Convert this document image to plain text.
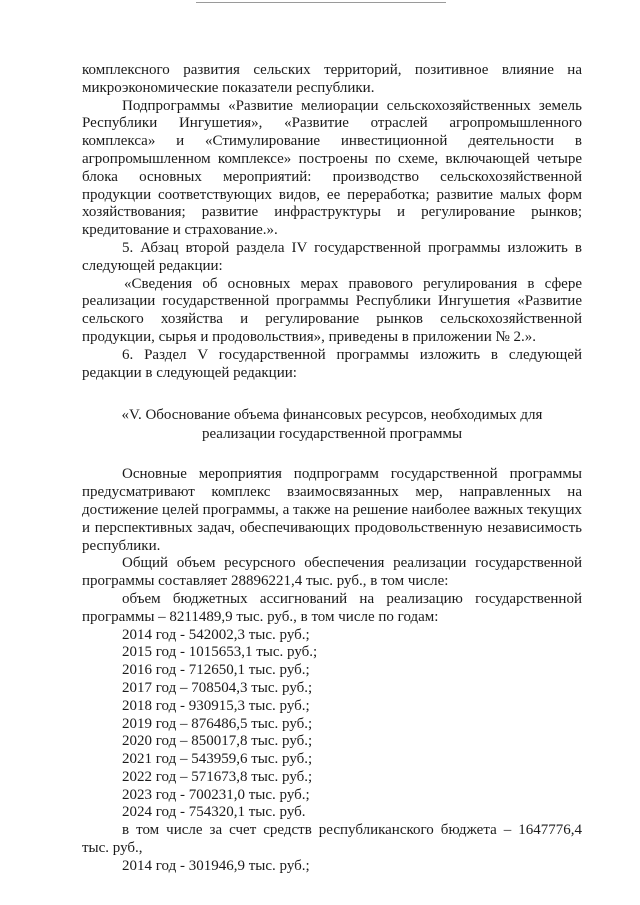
комплексного развития сельских территорий, позитивное влияние на микроэкономические показатели республики.

Подпрограммы «Развитие мелиорации сельскохозяйственных земель Республики Ингушетия», «Развитие отраслей агропромышленного комплекса» и «Стимулирование инвестиционной деятельности в агропромышленном комплексе» построены по схеме, включающей четыре блока основных мероприятий: производство сельскохозяйственной продукции соответствующих видов, ее переработка; развитие малых форм хозяйствования; развитие инфраструктуры и регулирование рынков; кредитование и страхование.».

5. Абзац второй раздела IV государственной программы изложить в следующей редакции:

«Сведения об основных мерах правового регулирования в сфере реализации государственной программы Республики Ингушетия «Развитие сельского хозяйства и регулирование рынков сельскохозяйственной продукции, сырья и продовольствия», приведены в приложении № 2.».

6. Раздел V государственной программы изложить в следующей редакции в следующей редакции:

«V. Обоснование объема финансовых ресурсов, необходимых для реализации государственной программы

Основные мероприятия подпрограмм государственной программы предусматривают комплекс взаимосвязанных мер, направленных на достижение целей программы, а также на решение наиболее важных текущих и перспективных задач, обеспечивающих продовольственную независимость республики.

Общий объем ресурсного обеспечения реализации государственной программы составляет 28896221,4 тыс. руб., в том числе:

объем бюджетных ассигнований на реализацию государственной программы – 8211489,9 тыс. руб., в том числе по годам:

2014 год - 542002,3 тыс. руб.;

2015 год - 1015653,1 тыс. руб.;

2016 год - 712650,1 тыс. руб.;

2017 год – 708504,3 тыс. руб.;

2018 год - 930915,3 тыс. руб.;

2019 год – 876486,5 тыс. руб.;

2020 год – 850017,8 тыс. руб.;

2021 год – 543959,6 тыс. руб.;

2022 год – 571673,8 тыс. руб.;

2023 год - 700231,0 тыс. руб.;

2024 год - 754320,1 тыс. руб.

в том числе за счет средств республиканского бюджета – 1647776,4 тыс. руб.,

2014 год - 301946,9 тыс. руб.;
